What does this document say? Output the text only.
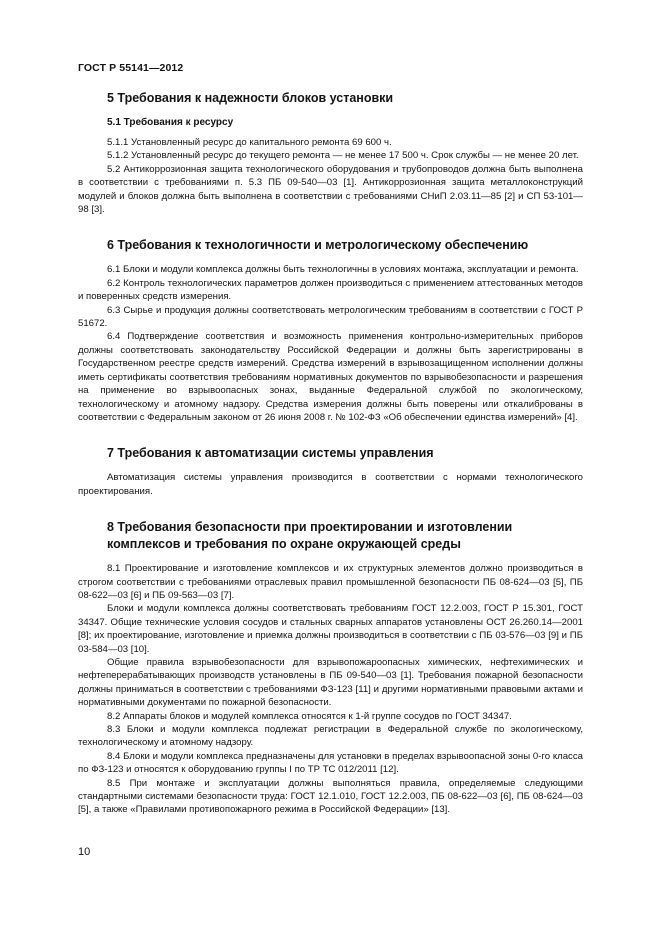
ГОСТ Р 55141—2012
5 Требования к надежности блоков установки
5.1 Требования к ресурсу

5.1.1 Установленный ресурс до капитального ремонта 69 600 ч.

5.1.2 Установленный ресурс до текущего ремонта — не менее 17 500 ч. Срок службы — не менее 20 лет.

5.2 Антикоррозионная защита технологического оборудования и трубопроводов должна быть выполнена в соответствии с требованиями п. 5.3 ПБ 09-540—03 [1]. Антикоррозионная защита металлоконструкций модулей и блоков должна быть выполнена в соответствии с требованиями СНиП 2.03.11—85 [2] и СП 53-101—98 [3].

6 Требования к технологичности и метрологическому обеспечению

6.1 Блоки и модули комплекса должны быть технологичны в условиях монтажа, эксплуатации и ремонта.

6.2 Контроль технологических параметров должен производиться с применением аттестованных методов и поверенных средств измерения.

6.3 Сырье и продукция должны соответствовать метрологическим требованиям в соответствии с ГОСТ Р 51672.

6.4 Подтверждение соответствия и возможность применения контрольно-измерительных приборов должны соответствовать законодательству Российской Федерации и должны быть зарегистрированы в Государственном реестре средств измерений. Средства измерений в взрывозащищенном исполнении должны иметь сертификаты соответствия требованиям нормативных документов по взрывобезопасности и разрешения на применение во взрывоопасных зонах, выданные Федеральной службой по экологическому, технологическому и атомному надзору. Средства измерения должны быть поверены или откалиброваны в соответствии с Федеральным законом от 26 июня 2008 г. № 102-ФЗ «Об обеспечении единства измерений» [4].

7 Требования к автоматизации системы управления

Автоматизация системы управления производится в соответствии с нормами технологического проектирования.

8 Требования безопасности при проектировании и изготовлении
комплексов и требования по охране окружающей среды

8.1 Проектирование и изготовление комплексов и их структурных элементов должно производиться в строгом соответствии с требованиями отраслевых правил промышленной безопасности ПБ 08-624—03 [5], ПБ 08-622—03 [6] и ПБ 09-563—03 [7].

Блоки и модули комплекса должны соответствовать требованиям ГОСТ 12.2.003, ГОСТ Р 15.301, ГОСТ 34347. Общие технические условия сосудов и стальных сварных аппаратов установлены ОСТ 26.260.14—2001 [8]; их проектирование, изготовление и приемка должны производиться в соответствии с ПБ 03-576—03 [9] и ПБ 03-584—03 [10].

Общие правила взрывобезопасности для взрывопожароопасных химических, нефтехимических и нефтеперерабатывающих производств установлены в ПБ 09-540—03 [1]. Требования пожарной безопасности должны приниматься в соответствии с требованиями ФЗ-123 [11] и другими нормативными правовыми актами и нормативными документами по пожарной безопасности.

8.2 Аппараты блоков и модулей комплекса относятся к 1-й группе сосудов по ГОСТ 34347.

8.3 Блоки и модули комплекса подлежат регистрации в Федеральной службе по экологическому, технологическому и атомному надзору.

8.4 Блоки и модули комплекса предназначены для установки в пределах взрывоопасной зоны 0-го класса по ФЗ-123 и относятся к оборудованию группы I по ТР ТС 012/2011 [12].

8.5 При монтаже и эксплуатации должны выполняться правила, определяемые следующими стандартными системами безопасности труда: ГОСТ 12.1.010, ГОСТ 12.2.003, ПБ 08-622—03 [6], ПБ 08-624—03 [5], а также «Правилами противопожарного режима в Российской Федерации» [13].

10
